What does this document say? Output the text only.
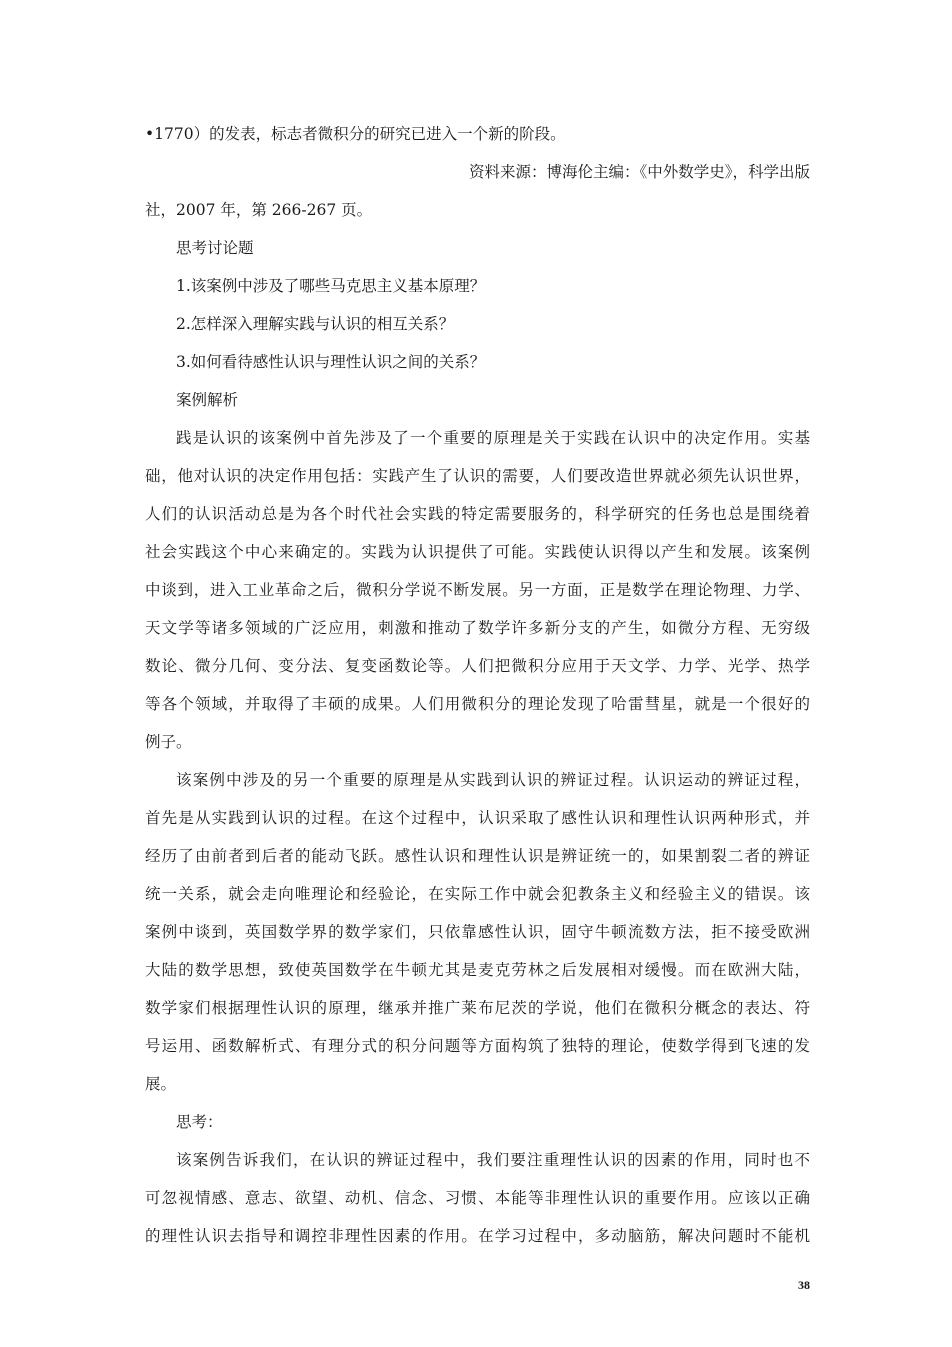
•1770）的发表，标志者微积分的研究已进入一个新的阶段。
资料来源：博海伦主编：《中外数学史》，科学出版
社，2007 年，第 266-267 页。
思考讨论题
1.该案例中涉及了哪些马克思主义基本原理？
2.怎样深入理解实践与认识的相互关系？
3.如何看待感性认识与理性认识之间的关系？
案例解析
践是认识的该案例中首先涉及了一个重要的原理是关于实践在认识中的决定作用。实基
础，他对认识的决定作用包括：实践产生了认识的需要，人们要改造世界就必须先认识世界，
人们的认识活动总是为各个时代社会实践的特定需要服务的，科学研究的任务也总是围绕着
社会实践这个中心来确定的。实践为认识提供了可能。实践使认识得以产生和发展。该案例
中谈到，进入工业革命之后，微积分学说不断发展。另一方面，正是数学在理论物理、力学、
天文学等诸多领域的广泛应用，刺激和推动了数学许多新分支的产生，如微分方程、无穷级
数论、微分几何、变分法、复变函数论等。人们把微积分应用于天文学、力学、光学、热学
等各个领域，并取得了丰硕的成果。人们用微积分的理论发现了哈雷彗星，就是一个很好的
例子。
该案例中涉及的另一个重要的原理是从实践到认识的辨证过程。认识运动的辨证过程，
首先是从实践到认识的过程。在这个过程中，认识采取了感性认识和理性认识两种形式，并
经历了由前者到后者的能动飞跃。感性认识和理性认识是辨证统一的，如果割裂二者的辨证
统一关系，就会走向唯理论和经验论，在实际工作中就会犯教条主义和经验主义的错误。该
案例中谈到，英国数学界的数学家们，只依靠感性认识，固守牛顿流数方法，拒不接受欧洲
大陆的数学思想，致使英国数学在牛顿尤其是麦克劳林之后发展相对缓慢。而在欧洲大陆，
数学家们根据理性认识的原理，继承并推广莱布尼茨的学说，他们在微积分概念的表达、符
号运用、函数解析式、有理分式的积分问题等方面构筑了独特的理论，使数学得到飞速的发
展。
思考：
该案例告诉我们，在认识的辨证过程中，我们要注重理性认识的因素的作用，同时也不
可忽视情感、意志、欲望、动机、信念、习惯、本能等非理性认识的重要作用。应该以正确
的理性认识去指导和调控非理性因素的作用。在学习过程中，多动脑筋，解决问题时不能机
38
